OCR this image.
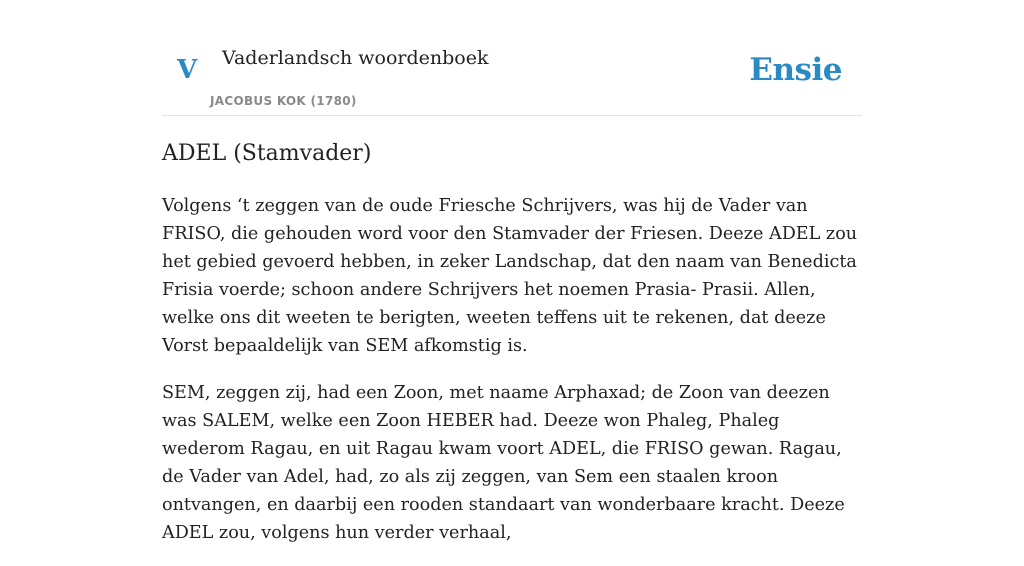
V Vaderlandsch woordenboek
JACOBUS KOK (1780)
Ensie
ADEL (Stamvader)

Volgens ‘t zeggen van de oude Friesche Schrijvers, was hij de Vader van FRISO, die gehouden word voor den Stamvader der Friesen. Deeze ADEL zou het gebied gevoerd hebben, in zeker Landschap, dat den naam van Benedicta Frisia voerde; schoon andere Schrijvers het noemen Prasia- Prasii. Allen, welke ons dit weeten te berigten, weeten teffens uit te rekenen, dat deeze Vorst bepaaldelijk van SEM afkomstig is.

SEM, zeggen zij, had een Zoon, met naame Arphaxad; de Zoon van deezen was SALEM, welke een Zoon HEBER had. Deeze won Phaleg, Phaleg wederom Ragau, en uit Ragau kwam voort ADEL, die FRISO gewan. Ragau, de Vader van Adel, had, zo als zij zeggen, van Sem een staalen kroon ontvangen, en daarbij een rooden standaart van wonderbaare kracht. Deeze ADEL zou, volgens hun verder verhaal,
